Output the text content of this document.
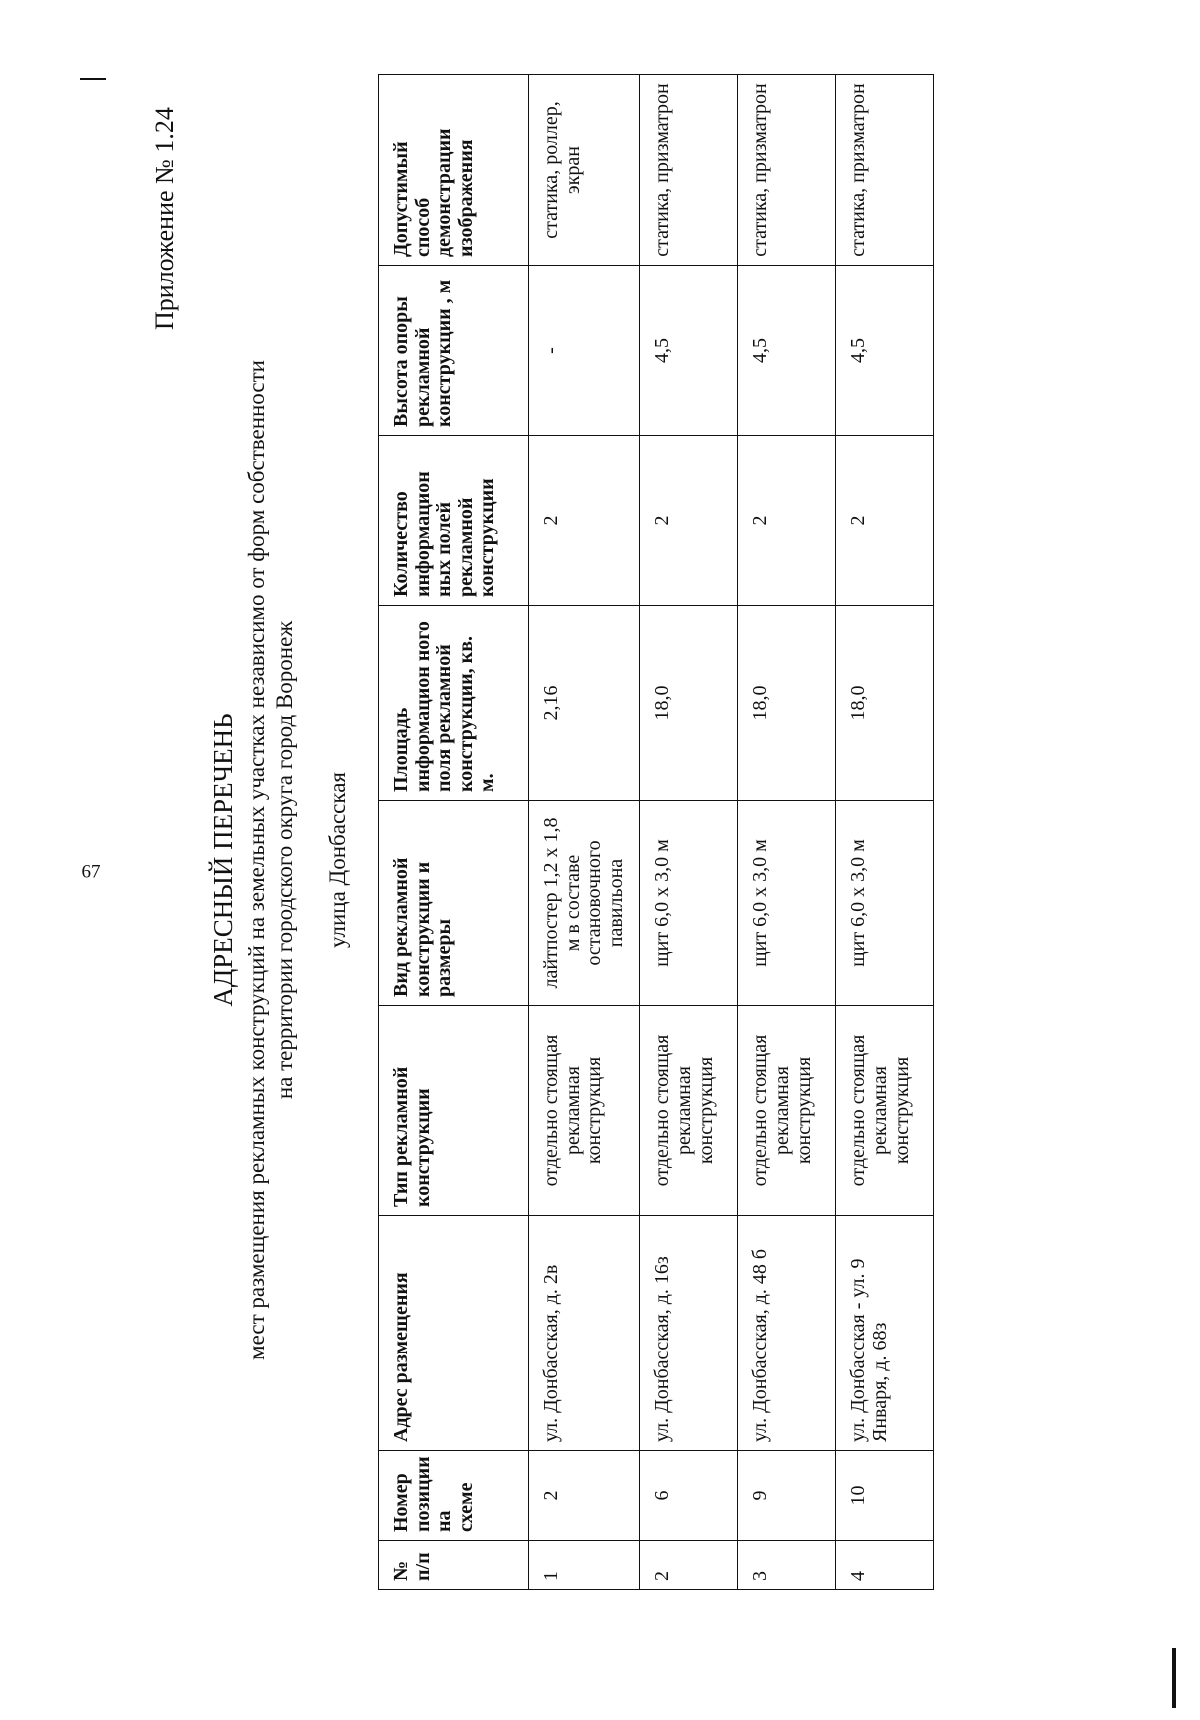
67
Приложение № 1.24
АДРЕСНЫЙ ПЕРЕЧЕНЬ мест размещения рекламных конструкций на земельных участках независимо от форм собственности на территории городского округа город Воронеж улица Донбасская
№ п/п	Номер позиции на схеме	Адрес размещения	Тип рекламной конструкции	Вид рекламной конструкции и размеры	Площадь информацион ного поля рекламной конструкции, кв. м.	Количество информацион ных полей рекламной конструкции	Высота опоры рекламной конструкции , м	Допустимый способ демонстрации изображения
1	2	ул. Донбасская, д. 2в	отдельно стоящая рекламная конструкция	лайтпостер 1,2 х 1,8 м в составе остановочного павильона	2,16	2	-	статика, роллер, экран
2	6	ул. Донбасская, д. 16з	отдельно стоящая рекламная конструкция	щит 6,0 х 3,0 м	18,0	2	4,5	статика, призматрон
3	9	ул. Донбасская, д. 48 б	отдельно стоящая рекламная конструкция	щит 6,0 х 3,0 м	18,0	2	4,5	статика, призматрон
4	10	ул. Донбасская - ул. 9 Января, д. 68з	отдельно стоящая рекламная конструкция	щит 6,0 х 3,0 м	18,0	2	4,5	статика, призматрон
